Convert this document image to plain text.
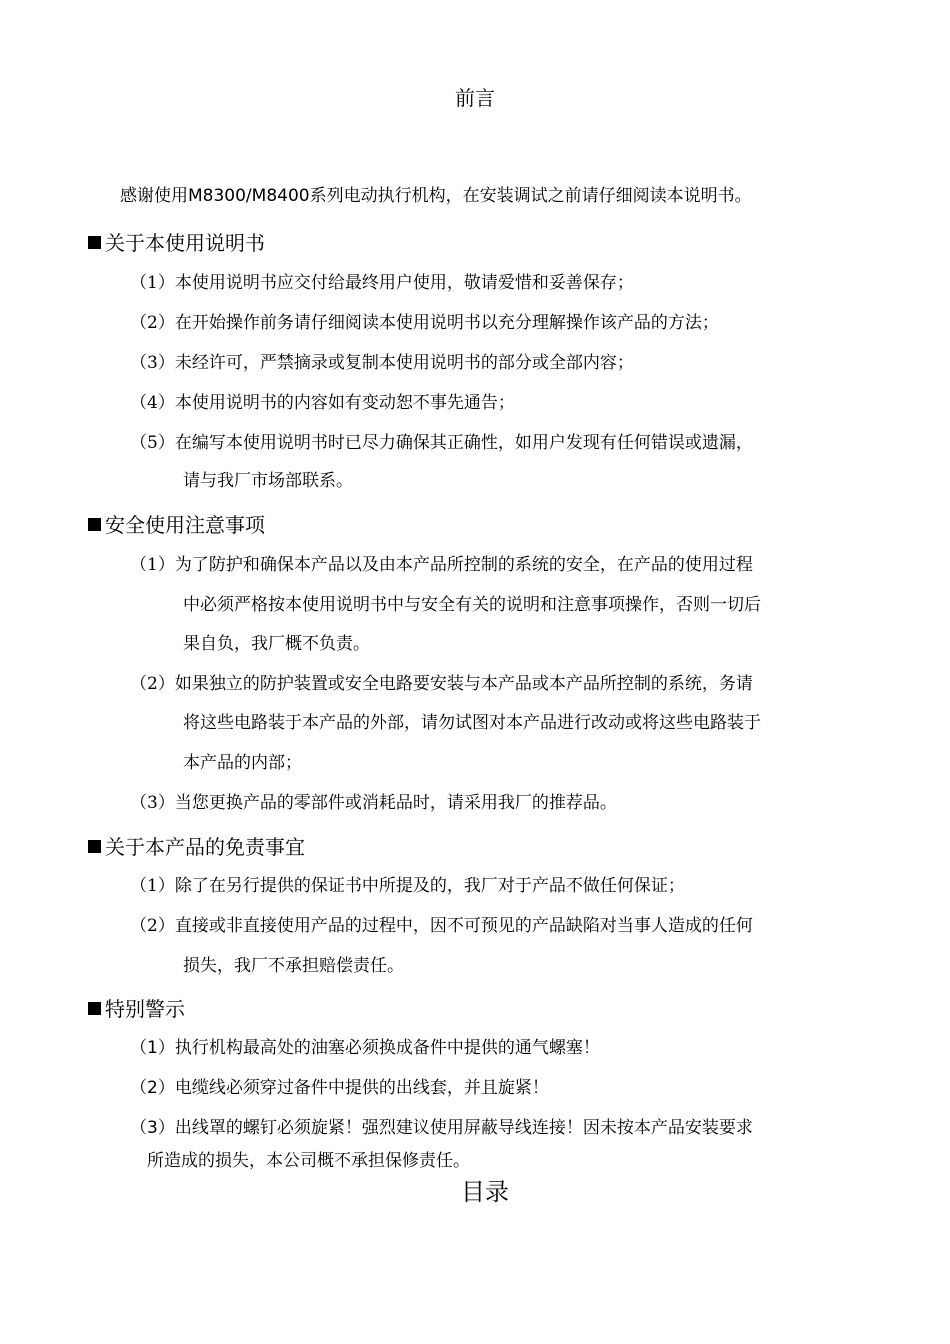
前言
感谢使用M8300/M8400系列电动执行机构，在安装调试之前请仔细阅读本说明书。
关于本使用说明书
（1）本使用说明书应交付给最终用户使用，敬请爱惜和妥善保存；
（2）在开始操作前务请仔细阅读本使用说明书以充分理解操作该产品的方法；
（3）未经许可，严禁摘录或复制本使用说明书的部分或全部内容；
（4）本使用说明书的内容如有变动恕不事先通告；
（5）在编写本使用说明书时已尽力确保其正确性，如用户发现有任何错误或遗漏，
请与我厂市场部联系。
安全使用注意事项
（1）为了防护和确保本产品以及由本产品所控制的系统的安全，在产品的使用过程
中必须严格按本使用说明书中与安全有关的说明和注意事项操作，否则一切后
果自负，我厂概不负责。
（2）如果独立的防护装置或安全电路要安装与本产品或本产品所控制的系统，务请
将这些电路装于本产品的外部，请勿试图对本产品进行改动或将这些电路装于
本产品的内部；
（3）当您更换产品的零部件或消耗品时，请采用我厂的推荐品。
关于本产品的免责事宜
（1）除了在另行提供的保证书中所提及的，我厂对于产品不做任何保证；
（2）直接或非直接使用产品的过程中，因不可预见的产品缺陷对当事人造成的任何
损失，我厂不承担赔偿责任。
特别警示
（1）执行机构最高处的油塞必须换成备件中提供的通气螺塞！
（2）电缆线必须穿过备件中提供的出线套，并且旋紧！
（3）出线罩的螺钉必须旋紧！强烈建议使用屏蔽导线连接！因未按本产品安装要求
所造成的损失，本公司概不承担保修责任。
目录
